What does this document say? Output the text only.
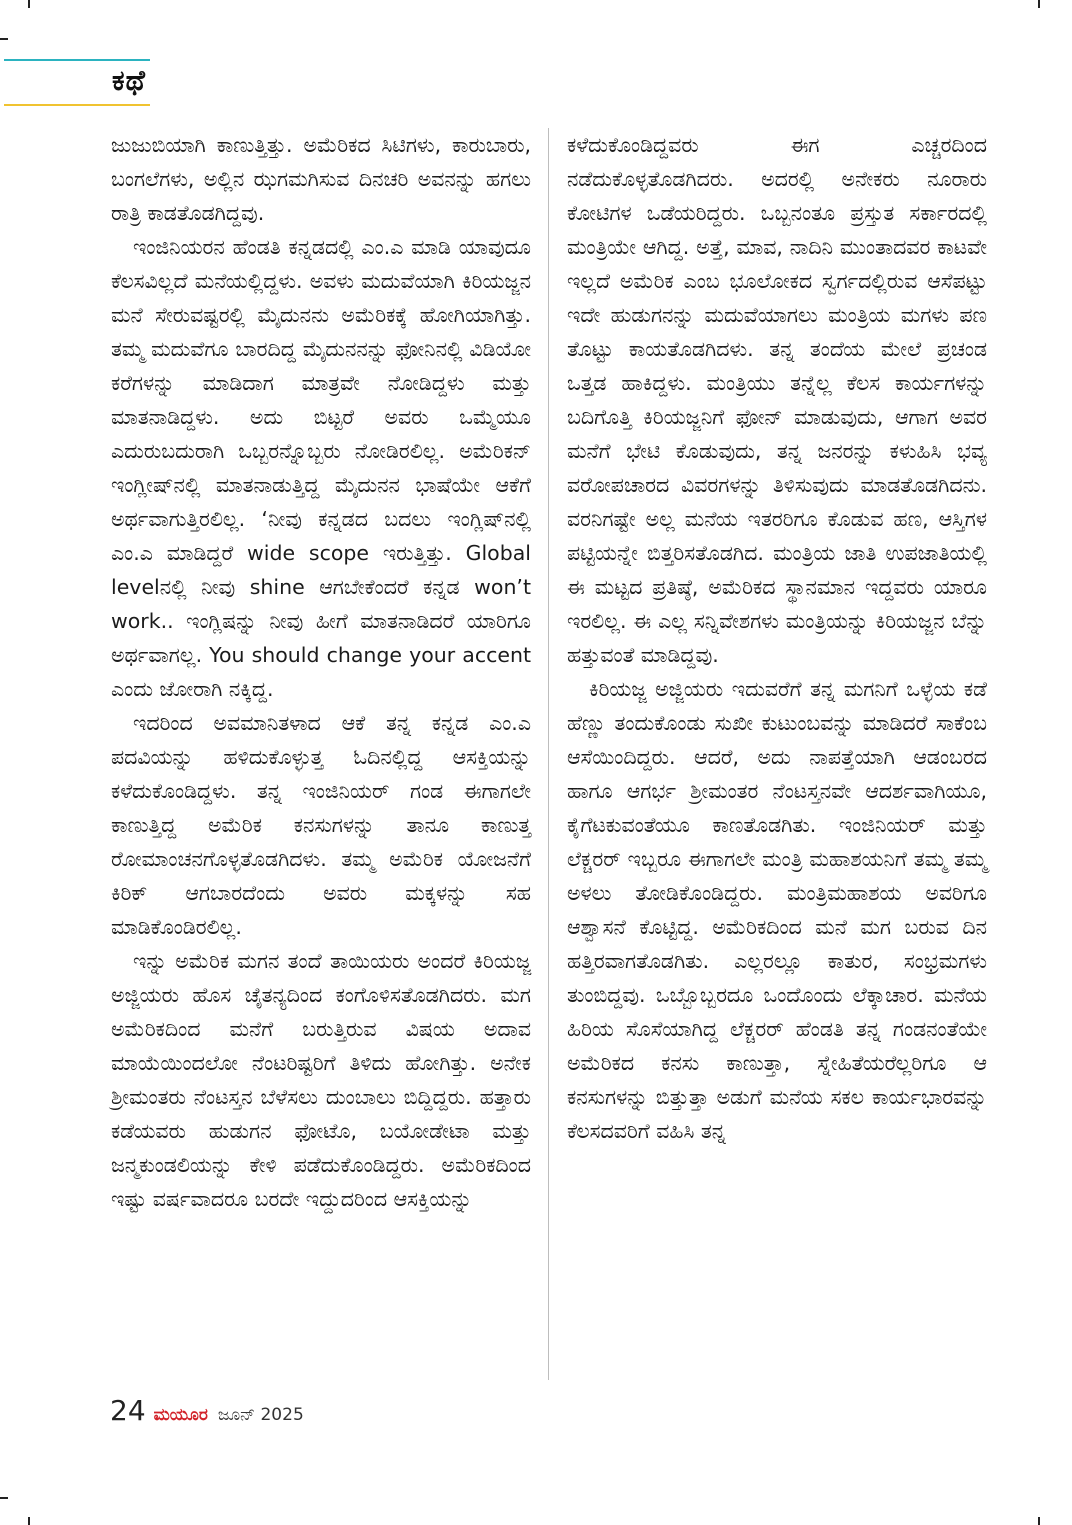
ಕಥೆ

ಜುಜುಬಿಯಾಗಿ ಕಾಣುತ್ತಿತ್ತು. ಅಮೆರಿಕದ ಸಿಟಿಗಳು, ಕಾರುಬಾರು, ಬಂಗಲೆಗಳು, ಅಲ್ಲಿನ ಝಗಮಗಿಸುವ ದಿನಚರಿ ಅವನನ್ನು ಹಗಲು ರಾತ್ರಿ ಕಾಡತೊಡಗಿದ್ದವು.

ಇಂಜಿನಿಯರನ ಹೆಂಡತಿ ಕನ್ನಡದಲ್ಲಿ ಎಂ.ಎ ಮಾಡಿ ಯಾವುದೂ ಕೆಲಸವಿಲ್ಲದೆ ಮನೆಯಲ್ಲಿದ್ದಳು. ಅವಳು ಮದುವೆಯಾಗಿ ಕಿರಿಯಜ್ಜನ ಮನೆ ಸೇರುವಷ್ಟರಲ್ಲಿ ಮೈದುನನು ಅಮೆರಿಕಕ್ಕೆ ಹೋಗಿಯಾಗಿತ್ತು. ತಮ್ಮ ಮದುವೆಗೂ ಬಾರದಿದ್ದ ಮೈದುನನನ್ನು ಫೋನಿನಲ್ಲಿ ವಿಡಿಯೋ ಕರೆಗಳನ್ನು ಮಾಡಿದಾಗ ಮಾತ್ರವೇ ನೋಡಿದ್ದಳು ಮತ್ತು ಮಾತನಾಡಿದ್ದಳು. ಅದು ಬಿಟ್ಟರೆ ಅವರು ಒಮ್ಮೆಯೂ ಎದುರುಬದುರಾಗಿ ಒಬ್ಬರನ್ನೊಬ್ಬರು ನೋಡಿರಲಿಲ್ಲ. ಅಮೆರಿಕನ್ ಇಂಗ್ಲೀಷ್‌ನಲ್ಲಿ ಮಾತನಾಡುತ್ತಿದ್ದ ಮೈದುನನ ಭಾಷೆಯೇ ಆಕೆಗೆ ಅರ್ಥವಾಗುತ್ತಿರಲಿಲ್ಲ. ‘ನೀವು ಕನ್ನಡದ ಬದಲು ಇಂಗ್ಲಿಷ್‌ನಲ್ಲಿ ಎಂ.ಎ ಮಾಡಿದ್ದರೆ wide scope ಇರುತ್ತಿತ್ತು. Global levelನಲ್ಲಿ ನೀವು shine ಆಗಬೇಕೆಂದರೆ ಕನ್ನಡ won’t work.. ಇಂಗ್ಲಿಷನ್ನು ನೀವು ಹೀಗೆ ಮಾತನಾಡಿದರೆ ಯಾರಿಗೂ ಅರ್ಥವಾಗಲ್ಲ. You should change your accent ಎಂದು ಜೋರಾಗಿ ನಕ್ಕಿದ್ದ.

ಇದರಿಂದ ಅವಮಾನಿತಳಾದ ಆಕೆ ತನ್ನ ಕನ್ನಡ ಎಂ.ಎ ಪದವಿಯನ್ನು ಹಳಿದುಕೊಳ್ಳುತ್ತ ಓದಿನಲ್ಲಿದ್ದ ಆಸಕ್ತಿಯನ್ನು ಕಳೆದುಕೊಂಡಿದ್ದಳು. ತನ್ನ ಇಂಜಿನಿಯರ್ ಗಂಡ ಈಗಾಗಲೇ ಕಾಣುತ್ತಿದ್ದ ಅಮೆರಿಕ ಕನಸುಗಳನ್ನು ತಾನೂ ಕಾಣುತ್ತ ರೋಮಾಂಚನಗೊಳ್ಳತೊಡಗಿದಳು. ತಮ್ಮ ಅಮೆರಿಕ ಯೋಜನೆಗೆ ಕಿರಿಕ್ ಆಗಬಾರದೆಂದು ಅವರು ಮಕ್ಕಳನ್ನು ಸಹ ಮಾಡಿಕೊಂಡಿರಲಿಲ್ಲ.

ಇನ್ನು ಅಮೆರಿಕ ಮಗನ ತಂದೆ ತಾಯಿಯರು ಅಂದರೆ ಕಿರಿಯಜ್ಜ ಅಜ್ಜಿಯರು ಹೊಸ ಚೈತನ್ಯದಿಂದ ಕಂಗೊಳಿಸತೊಡಗಿದರು. ಮಗ ಅಮೆರಿಕದಿಂದ ಮನೆಗೆ ಬರುತ್ತಿರುವ ವಿಷಯ ಅದಾವ ಮಾಯೆಯಿಂದಲೋ ನೆಂಟರಿಷ್ಟರಿಗೆ ತಿಳಿದು ಹೋಗಿತ್ತು. ಅನೇಕ ಶ್ರೀಮಂತರು ನೆಂಟಸ್ತನ ಬೆಳೆಸಲು ದುಂಬಾಲು ಬಿದ್ದಿದ್ದರು. ಹತ್ತಾರು ಕಡೆಯವರು ಹುಡುಗನ ಫೋಟೊ, ಬಯೋಡೇಟಾ ಮತ್ತು ಜನ್ಮಕುಂಡಲಿಯನ್ನು ಕೇಳಿ ಪಡೆದುಕೊಂಡಿದ್ದರು. ಅಮೆರಿಕದಿಂದ ಇಷ್ಟು ವರ್ಷವಾದರೂ ಬರದೇ ಇದ್ದುದರಿಂದ ಆಸಕ್ತಿಯನ್ನು

ಕಳೆದುಕೊಂಡಿದ್ದವರು ಈಗ ಎಚ್ಚರದಿಂದ ನಡೆದುಕೊಳ್ಳತೊಡಗಿದರು. ಅದರಲ್ಲಿ ಅನೇಕರು ನೂರಾರು ಕೋಟಿಗಳ ಒಡೆಯರಿದ್ದರು. ಒಬ್ಬನಂತೂ ಪ್ರಸ್ತುತ ಸರ್ಕಾರದಲ್ಲಿ ಮಂತ್ರಿಯೇ ಆಗಿದ್ದ. ಅತ್ತೆ, ಮಾವ, ನಾದಿನಿ ಮುಂತಾದವರ ಕಾಟವೇ ಇಲ್ಲದೆ ಅಮೆರಿಕ ಎಂಬ ಭೂಲೋಕದ ಸ್ವರ್ಗದಲ್ಲಿರುವ ಆಸೆಪಟ್ಟು ಇದೇ ಹುಡುಗನನ್ನು ಮದುವೆಯಾಗಲು ಮಂತ್ರಿಯ ಮಗಳು ಪಣ ತೊಟ್ಟು ಕಾಯತೊಡಗಿದಳು. ತನ್ನ ತಂದೆಯ ಮೇಲೆ ಪ್ರಚಂಡ ಒತ್ತಡ ಹಾಕಿದ್ದಳು. ಮಂತ್ರಿಯು ತನ್ನೆಲ್ಲ ಕೆಲಸ ಕಾರ್ಯಗಳನ್ನು ಬದಿಗೊತ್ತಿ ಕಿರಿಯಜ್ಜನಿಗೆ ಫೋನ್ ಮಾಡುವುದು, ಆಗಾಗ ಅವರ ಮನೆಗೆ ಭೇಟಿ ಕೊಡುವುದು, ತನ್ನ ಜನರನ್ನು ಕಳುಹಿಸಿ ಭವ್ಯ ವರೋಪಚಾರದ ವಿವರಗಳನ್ನು ತಿಳಿಸುವುದು ಮಾಡತೊಡಗಿದನು. ವರನಿಗಷ್ಟೇ ಅಲ್ಲ ಮನೆಯ ಇತರರಿಗೂ ಕೊಡುವ ಹಣ, ಆಸ್ತಿಗಳ ಪಟ್ಟಿಯನ್ನೇ ಬಿತ್ತರಿಸತೊಡಗಿದ. ಮಂತ್ರಿಯ ಜಾತಿ ಉಪಜಾತಿಯಲ್ಲಿ ಈ ಮಟ್ಟದ ಪ್ರತಿಷ್ಠೆ, ಅಮೆರಿಕದ ಸ್ಥಾನಮಾನ ಇದ್ದವರು ಯಾರೂ ಇರಲಿಲ್ಲ. ಈ ಎಲ್ಲ ಸನ್ನಿವೇಶಗಳು ಮಂತ್ರಿಯನ್ನು ಕಿರಿಯಜ್ಜನ ಬೆನ್ನು ಹತ್ತುವಂತೆ ಮಾಡಿದ್ದವು.

ಕಿರಿಯಜ್ಜ ಅಜ್ಜಿಯರು ಇದುವರೆಗೆ ತನ್ನ ಮಗನಿಗೆ ಒಳ್ಳೆಯ ಕಡೆ ಹೆಣ್ಣು ತಂದುಕೊಂಡು ಸುಖೀ ಕುಟುಂಬವನ್ನು ಮಾಡಿದರೆ ಸಾಕೆಂಬ ಆಸೆಯಿಂದಿದ್ದರು. ಆದರೆ, ಅದು ನಾಪತ್ತೆಯಾಗಿ ಆಡಂಬರದ ಹಾಗೂ ಆಗರ್ಭ ಶ್ರೀಮಂತರ ನೆಂಟಸ್ತನವೇ ಆದರ್ಶವಾಗಿಯೂ, ಕೈಗೆಟಕುವಂತೆಯೂ ಕಾಣತೊಡಗಿತು. ಇಂಜಿನಿಯರ್ ಮತ್ತು ಲೆಕ್ಚರರ್ ಇಬ್ಬರೂ ಈಗಾಗಲೇ ಮಂತ್ರಿ ಮಹಾಶಯನಿಗೆ ತಮ್ಮ ತಮ್ಮ ಅಳಲು ತೋಡಿಕೊಂಡಿದ್ದರು. ಮಂತ್ರಿಮಹಾಶಯ ಅವರಿಗೂ ಆಶ್ವಾಸನೆ ಕೊಟ್ಟಿದ್ದ. ಅಮೆರಿಕದಿಂದ ಮನೆ ಮಗ ಬರುವ ದಿನ ಹತ್ತಿರವಾಗತೊಡಗಿತು. ಎಲ್ಲರಲ್ಲೂ ಕಾತುರ, ಸಂಭ್ರಮಗಳು ತುಂಬಿದ್ದವು. ಒಬ್ಬೊಬ್ಬರದೂ ಒಂದೊಂದು ಲೆಕ್ಕಾಚಾರ. ಮನೆಯ ಹಿರಿಯ ಸೊಸೆಯಾಗಿದ್ದ ಲೆಕ್ಚರರ್ ಹೆಂಡತಿ ತನ್ನ ಗಂಡನಂತೆಯೇ ಅಮೆರಿಕದ ಕನಸು ಕಾಣುತ್ತಾ, ಸ್ನೇಹಿತೆಯರೆಲ್ಲರಿಗೂ ಆ ಕನಸುಗಳನ್ನು ಬಿತ್ತುತ್ತಾ ಅಡುಗೆ ಮನೆಯ ಸಕಲ ಕಾರ್ಯಭಾರವನ್ನು ಕೆಲಸದವರಿಗೆ ವಹಿಸಿ ತನ್ನ

24 ಮಯೂರ ಜೂನ್ 2025
